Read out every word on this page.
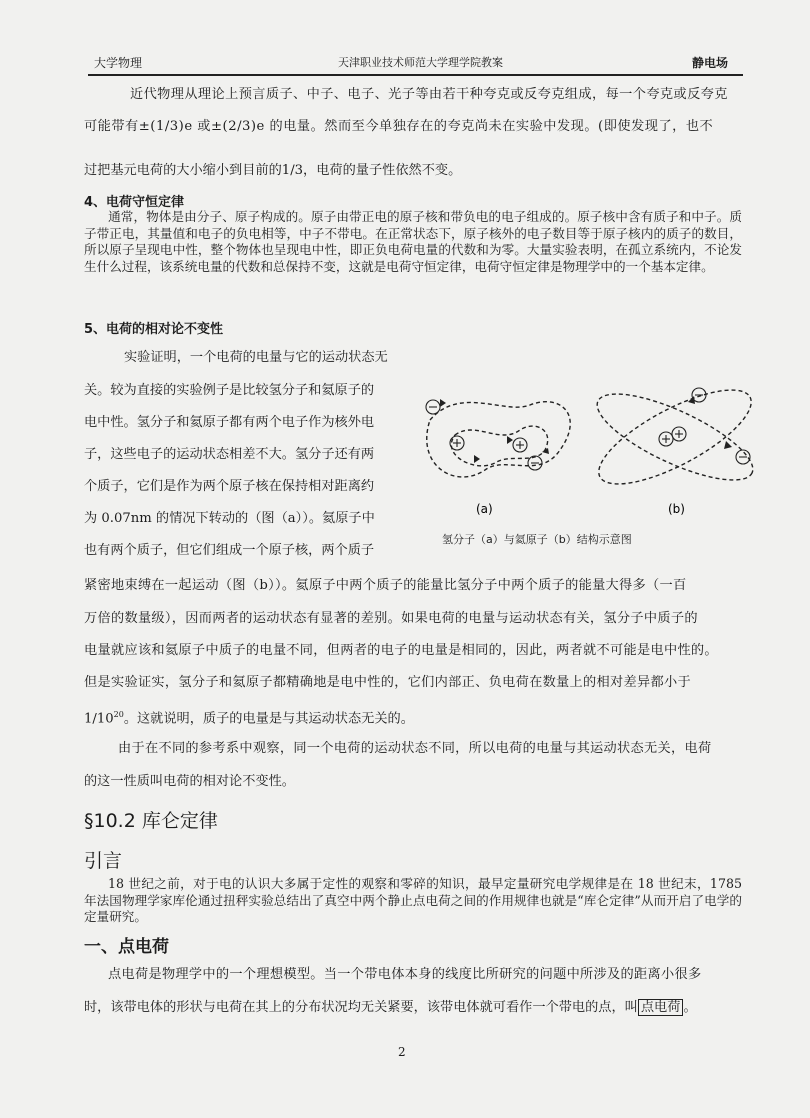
大学物理	天津职业技术师范大学理学院教案	静电场
近代物理从理论上预言质子、中子、电子、光子等由若干种夸克或反夸克组成，每一个夸克或反夸克
可能带有±(1/3)e 或±(2/3)e 的电量。然而至今单独存在的夸克尚未在实验中发现。(即使发现了，也不
过把基元电荷的大小缩小到目前的1/3，电荷的量子性依然不变。
4、电荷守恒定律
通常，物体是由分子、原子构成的。原子由带正电的原子核和带负电的电子组成的。原子核中含有质子和中子。质子带正电，其量值和电子的负电相等，中子不带电。在正常状态下，原子核外的电子数目等于原子核内的质子的数目，所以原子呈现电中性，整个物体也呈现电中性，即正负电荷电量的代数和为零。大量实验表明，在孤立系统内，不论发生什么过程，该系统电量的代数和总保持不变，这就是电荷守恒定律，电荷守恒定律是物理学中的一个基本定律。
5、电荷的相对论不变性
实验证明，一个电荷的电量与它的运动状态无
关。较为直接的实验例子是比较氢分子和氦原子的
电中性。氢分子和氦原子都有两个电子作为核外电
子，这些电子的运动状态相差不大。氢分子还有两
个质子，它们是作为两个原子核在保持相对距离约
为 0.07nm 的情况下转动的（图（a））。氦原子中
也有两个质子，但它们组成一个原子核，两个质子
(a)	(b)
氢分子（a）与氦原子（b）结构示意图
紧密地束缚在一起运动（图（b））。氦原子中两个质子的能量比氢分子中两个质子的能量大得多（一百
万倍的数量级），因而两者的运动状态有显著的差别。如果电荷的电量与运动状态有关，氢分子中质子的
电量就应该和氦原子中质子的电量不同，但两者的电子的电量是相同的，因此，两者就不可能是电中性的。
但是实验证实，氢分子和氦原子都精确地是电中性的，它们内部正、负电荷在数量上的相对差异都小于
$1/10^{20}$。这就说明，质子的电量是与其运动状态无关的。
由于在不同的参考系中观察，同一个电荷的运动状态不同，所以电荷的电量与其运动状态无关，电荷
的这一性质叫电荷的相对论不变性。
§10.2 库仑定律
引言
18 世纪之前，对于电的认识大多属于定性的观察和零碎的知识，最早定量研究电学规律是在 18 世纪末，1785 年法国物理学家库伦通过扭秤实验总结出了真空中两个静止点电荷之间的作用规律也就是“库仑定律”从而开启了电学的定量研究。
一、点电荷
点电荷是物理学中的一个理想模型。当一个带电体本身的线度比所研究的问题中所涉及的距离小很多
时，该带电体的形状与电荷在其上的分布状况均无关紧要，该带电体就可看作一个带电的点，叫 点电荷 。
2
